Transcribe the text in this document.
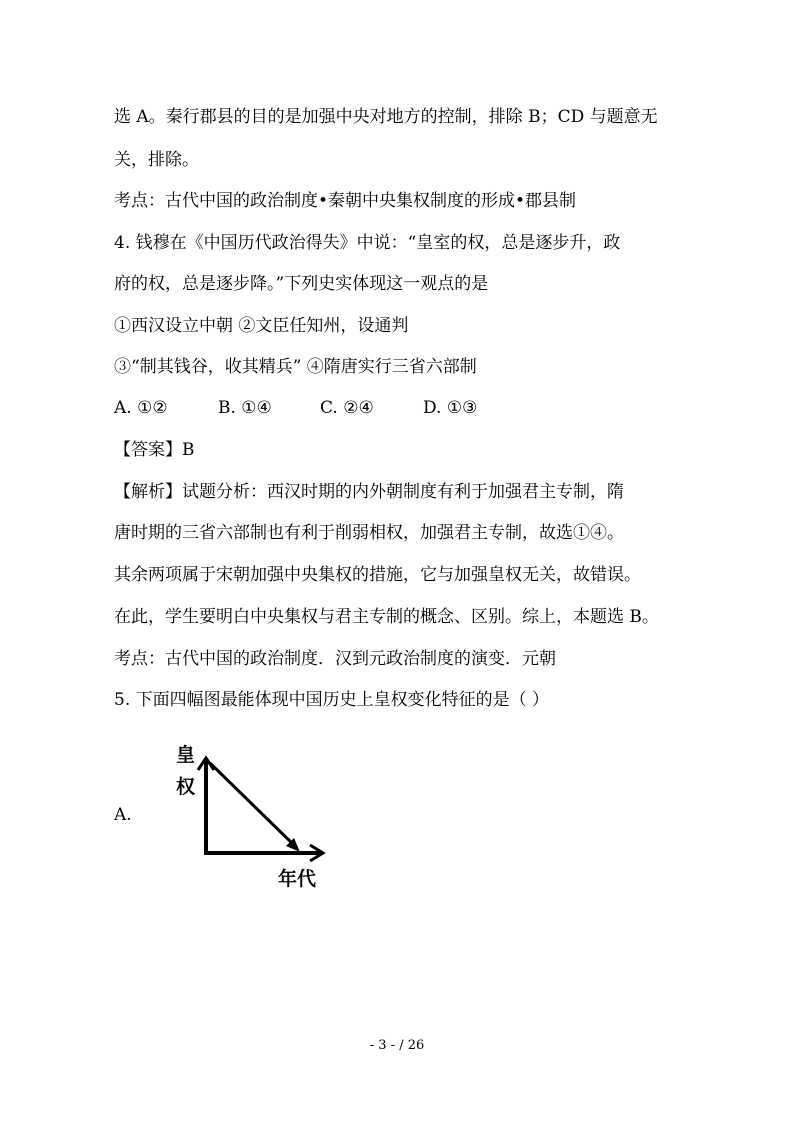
选 A。秦行郡县的目的是加强中央对地方的控制，排除 B；CD 与题意无
关，排除。
考点：古代中国的政治制度•秦朝中央集权制度的形成•郡县制
4. 钱穆在《中国历代政治得失》中说：“皇室的权，总是逐步升，政
府的权，总是逐步降。”下列史实体现这一观点的是
①西汉设立中朝 ②文臣任知州，设通判
③“制其钱谷，收其精兵” ④隋唐实行三省六部制
A. ①②	B. ①④	C. ②④	D. ①③
【答案】B
【解析】试题分析：西汉时期的内外朝制度有利于加强君主专制，隋
唐时期的三省六部制也有利于削弱相权，加强君主专制，故选①④。
其余两项属于宋朝加强中央集权的措施，它与加强皇权无关，故错误。
在此，学生要明白中央集权与君主专制的概念、区别。综上，本题选 B。
考点：古代中国的政治制度．汉到元政治制度的演变．元朝
5. 下面四幅图最能体现中国历史上皇权变化特征的是（ ）
A.
皇
权
年代
- 3 - / 26
